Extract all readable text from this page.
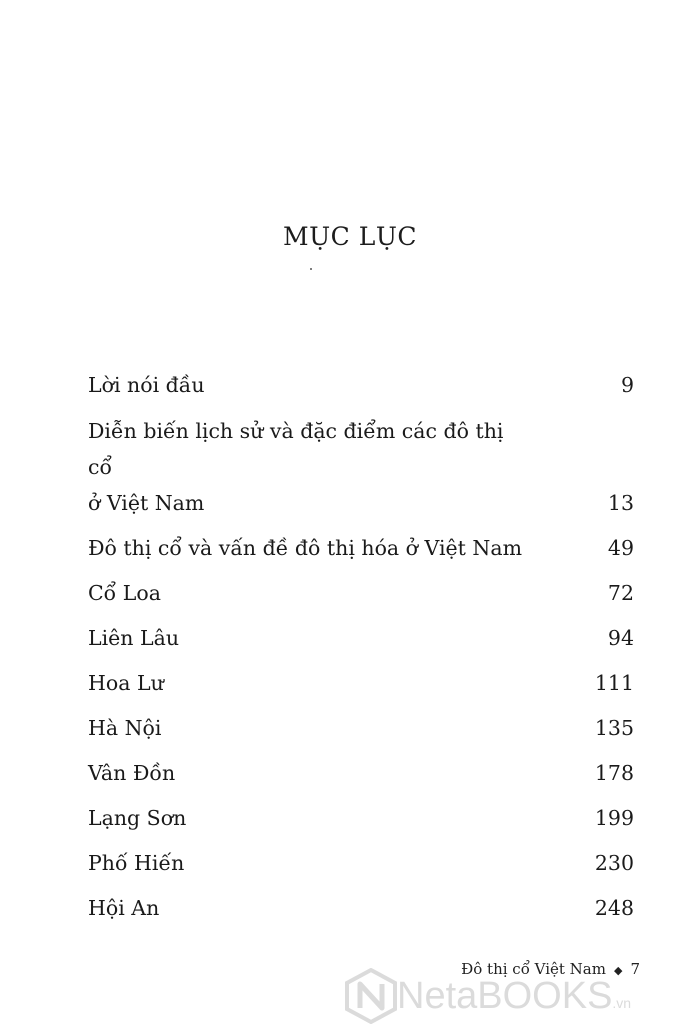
MỤC LỤC
Lời nói đầu	9
Diễn biến lịch sử và đặc điểm các đô thị cổ
ở Việt Nam	13
Đô thị cổ và vấn đề đô thị hóa ở Việt Nam	49
Cổ Loa	72
Liên Lâu	94
Hoa Lư	111
Hà Nội	135
Vân Đồn	178
Lạng Sơn	199
Phố Hiến	230
Hội An	248
Đô thị cổ Việt Nam ◆ 7
NetaBOOKS.vn
